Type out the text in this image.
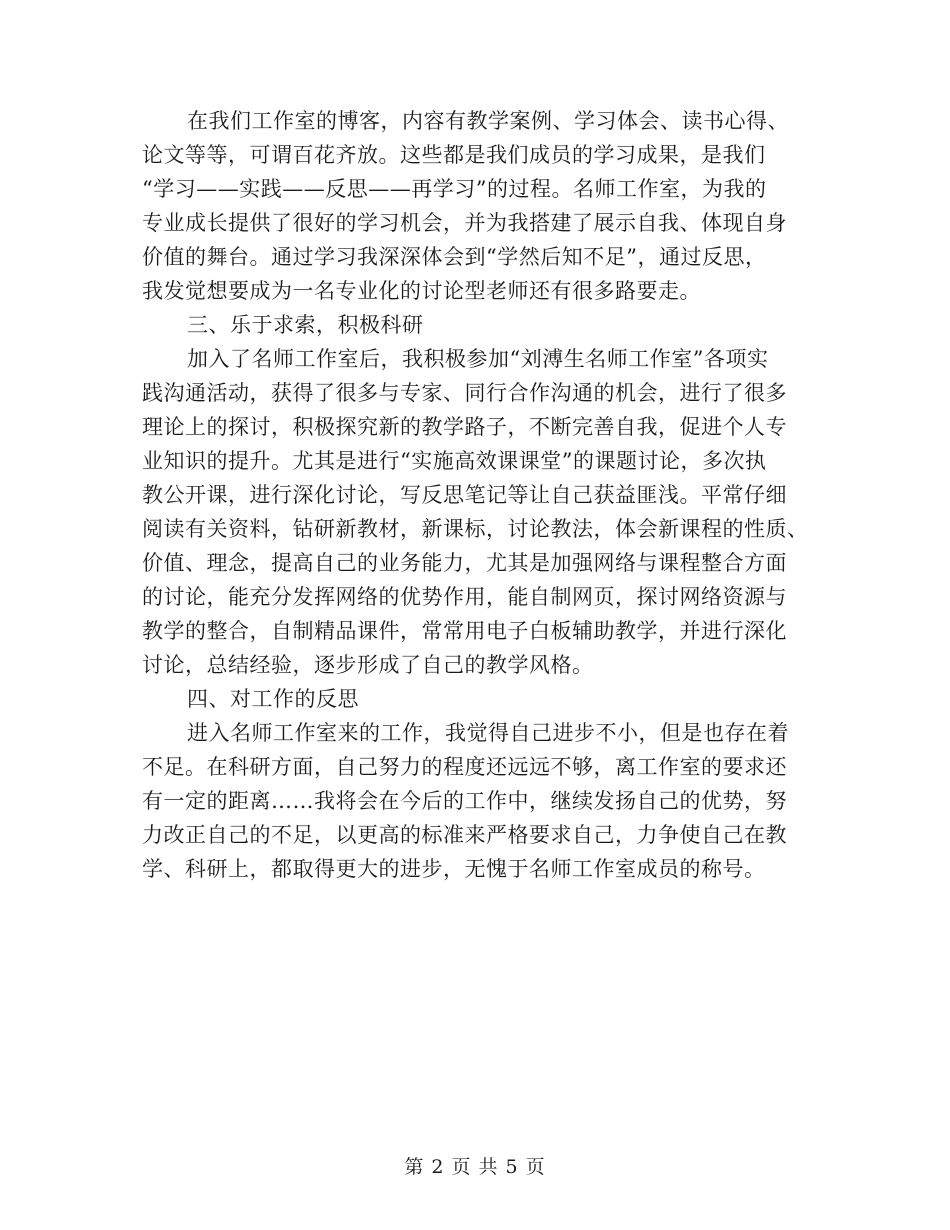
在我们工作室的博客，内容有教学案例、学习体会、读书心得、
论文等等，可谓百花齐放。这些都是我们成员的学习成果，是我们
“学习——实践——反思——再学习”的过程。名师工作室，为我的
专业成长提供了很好的学习机会，并为我搭建了展示自我、体现自身
价值的舞台。通过学习我深深体会到“学然后知不足”，通过反思，
我发觉想要成为一名专业化的讨论型老师还有很多路要走。
三、乐于求索，积极科研
加入了名师工作室后，我积极参加“刘溥生名师工作室”各项实
践沟通活动，获得了很多与专家、同行合作沟通的机会，进行了很多
理论上的探讨，积极探究新的教学路子，不断完善自我，促进个人专
业知识的提升。尤其是进行“实施高效课课堂”的课题讨论，多次执
教公开课，进行深化讨论，写反思笔记等让自己获益匪浅。平常仔细
阅读有关资料，钻研新教材，新课标，讨论教法，体会新课程的性质、
价值、理念，提高自己的业务能力，尤其是加强网络与课程整合方面
的讨论，能充分发挥网络的优势作用，能自制网页，探讨网络资源与
教学的整合，自制精品课件，常常用电子白板辅助教学，并进行深化
讨论，总结经验，逐步形成了自己的教学风格。
四、对工作的反思
进入名师工作室来的工作，我觉得自己进步不小，但是也存在着
不足。在科研方面，自己努力的程度还远远不够，离工作室的要求还
有一定的距离……我将会在今后的工作中，继续发扬自己的优势，努
力改正自己的不足，以更高的标准来严格要求自己，力争使自己在教
学、科研上，都取得更大的进步，无愧于名师工作室成员的称号。
第 2 页 共 5 页
